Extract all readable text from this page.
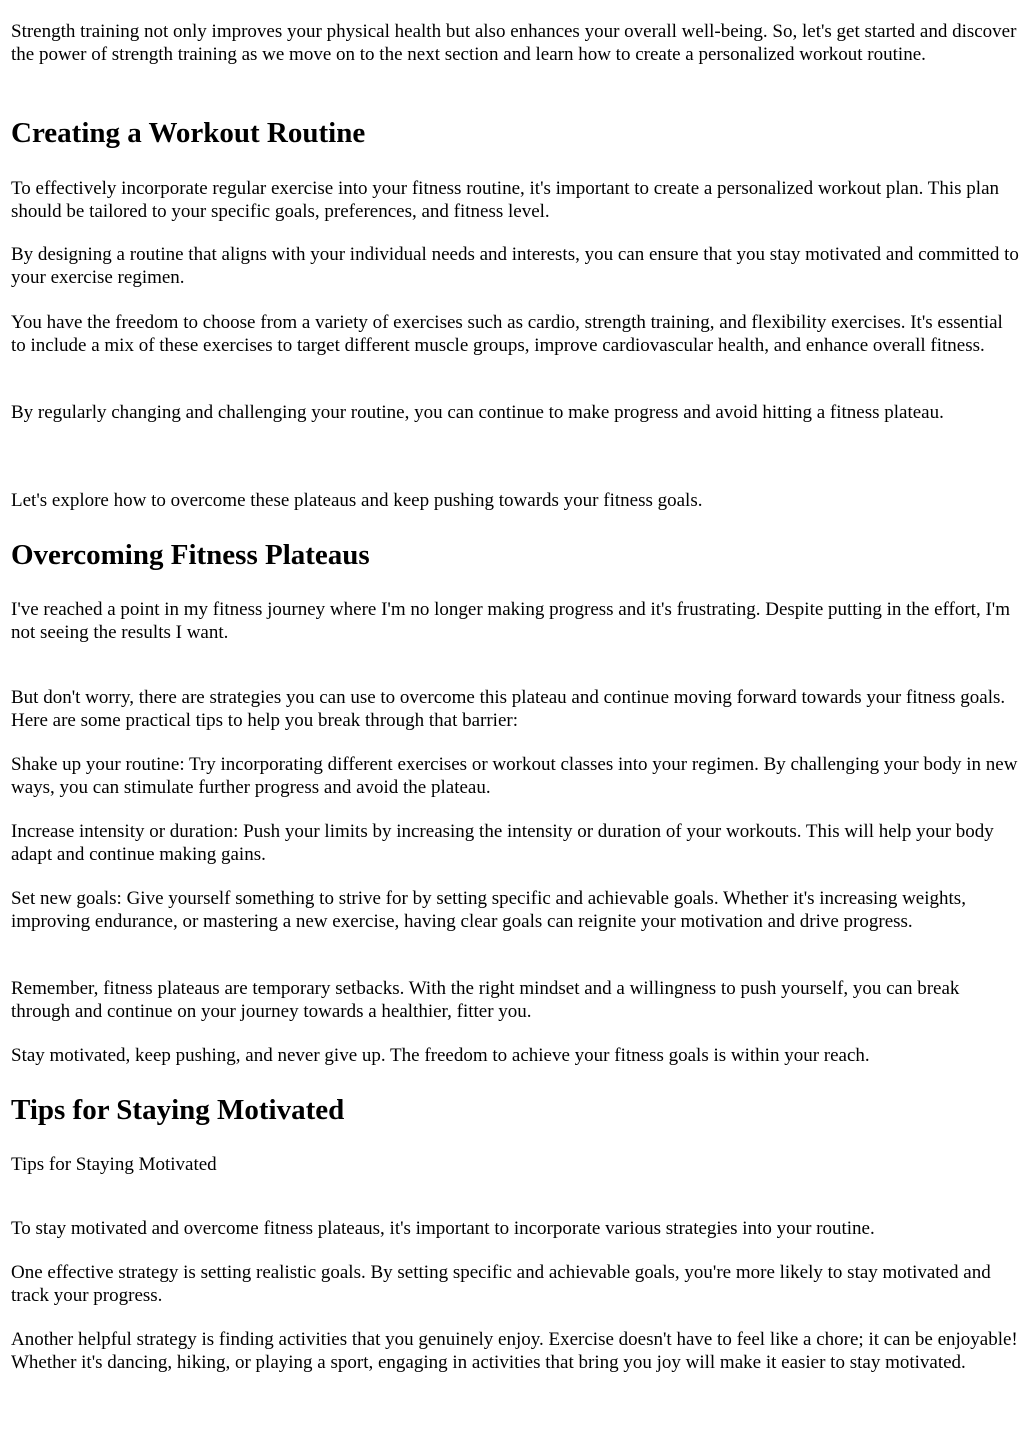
Strength training not only improves your physical health but also enhances your overall well-being. So, let's get started and discover the power of strength training as we move on to the next section and learn how to create a personalized workout routine.

Creating a Workout Routine

To effectively incorporate regular exercise into your fitness routine, it's important to create a personalized workout plan. This plan should be tailored to your specific goals, preferences, and fitness level.

By designing a routine that aligns with your individual needs and interests, you can ensure that you stay motivated and committed to your exercise regimen.

You have the freedom to choose from a variety of exercises such as cardio, strength training, and flexibility exercises. It's essential to include a mix of these exercises to target different muscle groups, improve cardiovascular health, and enhance overall fitness.

By regularly changing and challenging your routine, you can continue to make progress and avoid hitting a fitness plateau.

Let's explore how to overcome these plateaus and keep pushing towards your fitness goals.

Overcoming Fitness Plateaus

I've reached a point in my fitness journey where I'm no longer making progress and it's frustrating. Despite putting in the effort, I'm not seeing the results I want.

But don't worry, there are strategies you can use to overcome this plateau and continue moving forward towards your fitness goals. Here are some practical tips to help you break through that barrier:

Shake up your routine: Try incorporating different exercises or workout classes into your regimen. By challenging your body in new ways, you can stimulate further progress and avoid the plateau.

Increase intensity or duration: Push your limits by increasing the intensity or duration of your workouts. This will help your body adapt and continue making gains.

Set new goals: Give yourself something to strive for by setting specific and achievable goals. Whether it's increasing weights, improving endurance, or mastering a new exercise, having clear goals can reignite your motivation and drive progress.

Remember, fitness plateaus are temporary setbacks. With the right mindset and a willingness to push yourself, you can break through and continue on your journey towards a healthier, fitter you.

Stay motivated, keep pushing, and never give up. The freedom to achieve your fitness goals is within your reach.

Tips for Staying Motivated

Tips for Staying Motivated

To stay motivated and overcome fitness plateaus, it's important to incorporate various strategies into your routine.

One effective strategy is setting realistic goals. By setting specific and achievable goals, you're more likely to stay motivated and track your progress.

Another helpful strategy is finding activities that you genuinely enjoy. Exercise doesn't have to feel like a chore; it can be enjoyable! Whether it's dancing, hiking, or playing a sport, engaging in activities that bring you joy will make it easier to stay motivated.
